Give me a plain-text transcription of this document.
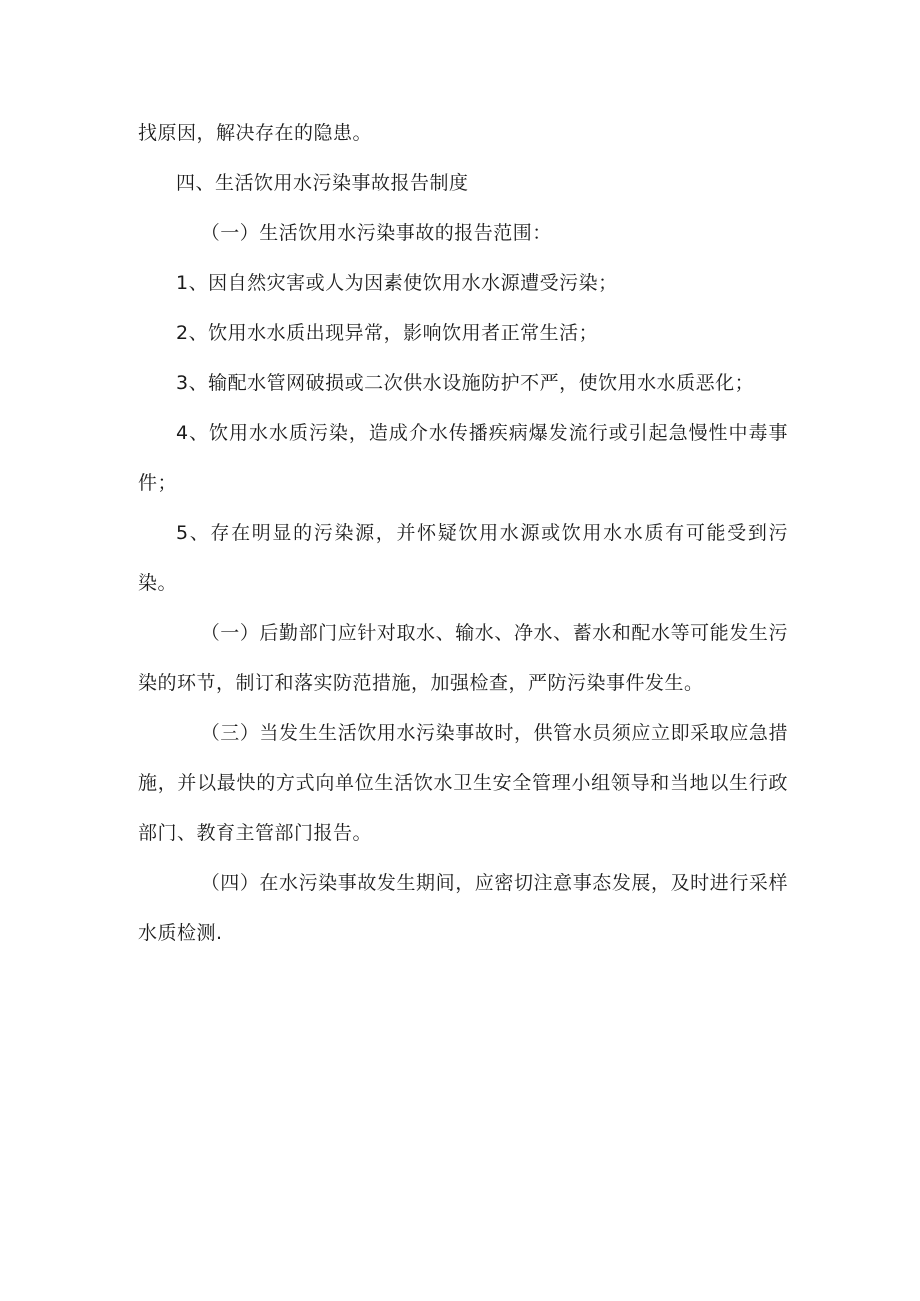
找原因，解决存在的隐患。

四、生活饮用水污染事故报告制度

（一）生活饮用水污染事故的报告范围：

1、因自然灾害或人为因素使饮用水水源遭受污染；

2、饮用水水质出现异常，影响饮用者正常生活；

3、输配水管网破损或二次供水设施防护不严，使饮用水水质恶化；

4、饮用水水质污染，造成介水传播疾病爆发流行或引起急慢性中毒事件；

5、存在明显的污染源，并怀疑饮用水源或饮用水水质有可能受到污染。

（一）后勤部门应针对取水、输水、净水、蓄水和配水等可能发生污染的环节，制订和落实防范措施，加强检查，严防污染事件发生。

（三）当发生生活饮用水污染事故时，供管水员须应立即采取应急措施，并以最快的方式向单位生活饮水卫生安全管理小组领导和当地以生行政部门、教育主管部门报告。

（四）在水污染事故发生期间，应密切注意事态发展，及时进行采样水质检测.
